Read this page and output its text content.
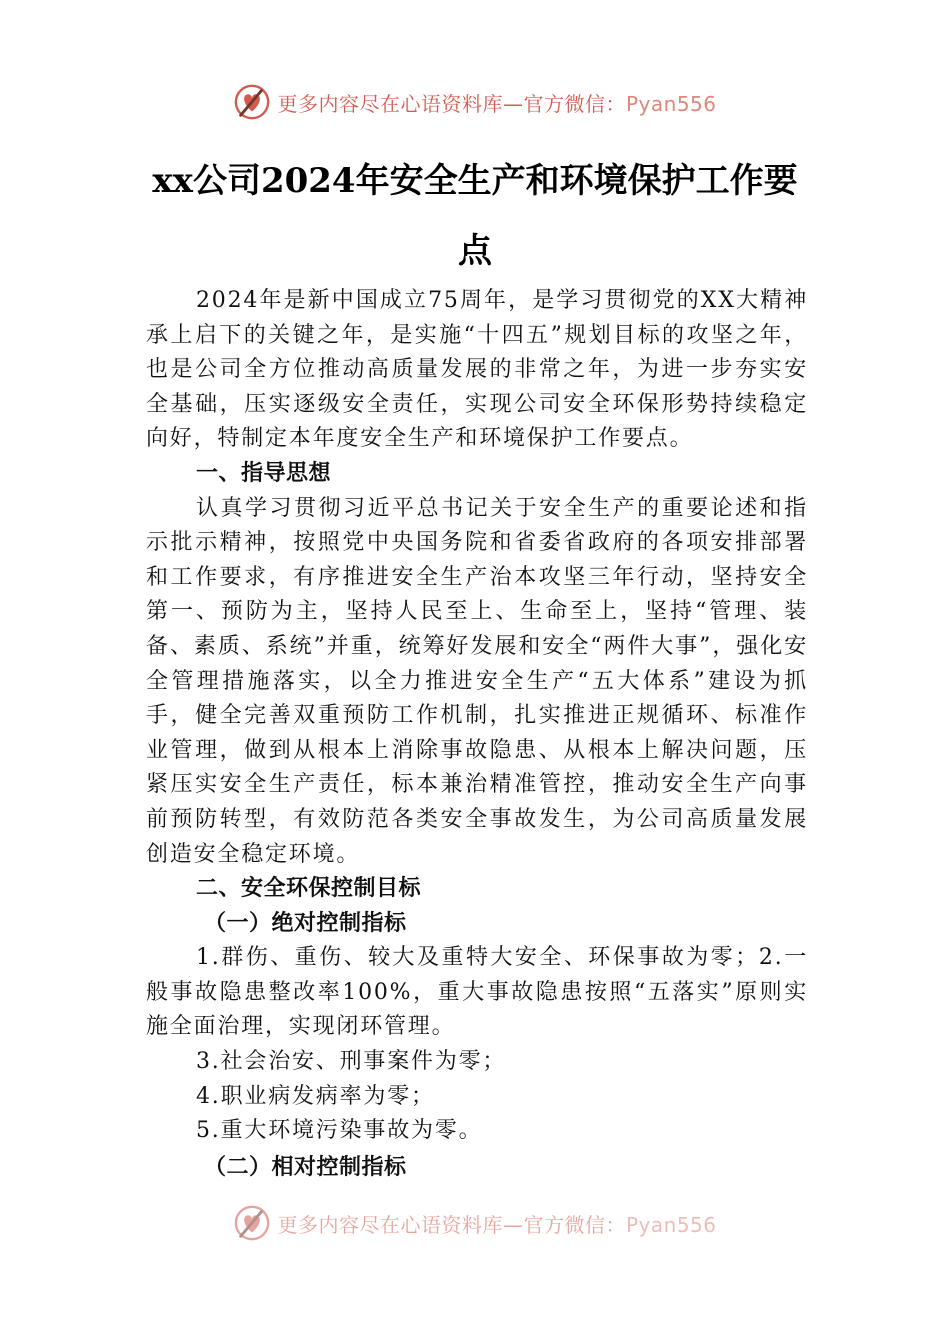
更多内容尽在心语资料库—官方微信：Pyan556
xx公司2024年安全生产和环境保护工作要点

2024年是新中国成立75周年，是学习贯彻党的XX大精神承上启下的关键之年，是实施“十四五”规划目标的攻坚之年，也是公司全方位推动高质量发展的非常之年，为进一步夯实安全基础，压实逐级安全责任，实现公司安全环保形势持续稳定向好，特制定本年度安全生产和环境保护工作要点。

一、指导思想

认真学习贯彻习近平总书记关于安全生产的重要论述和指示批示精神，按照党中央国务院和省委省政府的各项安排部署和工作要求，有序推进安全生产治本攻坚三年行动，坚持安全第一、预防为主，坚持人民至上、生命至上，坚持“管理、装备、素质、系统”并重，统筹好发展和安全“两件大事”，强化安全管理措施落实，以全力推进安全生产“五大体系”建设为抓手，健全完善双重预防工作机制，扎实推进正规循环、标准作业管理，做到从根本上消除事故隐患、从根本上解决问题，压紧压实安全生产责任，标本兼治精准管控，推动安全生产向事前预防转型，有效防范各类安全事故发生，为公司高质量发展创造安全稳定环境。

二、安全环保控制目标

（一）绝对控制指标

1.群伤、重伤、较大及重特大安全、环保事故为零；2.一般事故隐患整改率100%，重大事故隐患按照“五落实”原则实施全面治理，实现闭环管理。

3.社会治安、刑事案件为零；

4.职业病发病率为零；

5.重大环境污染事故为零。

（二）相对控制指标

更多内容尽在心语资料库—官方微信：Pyan556
